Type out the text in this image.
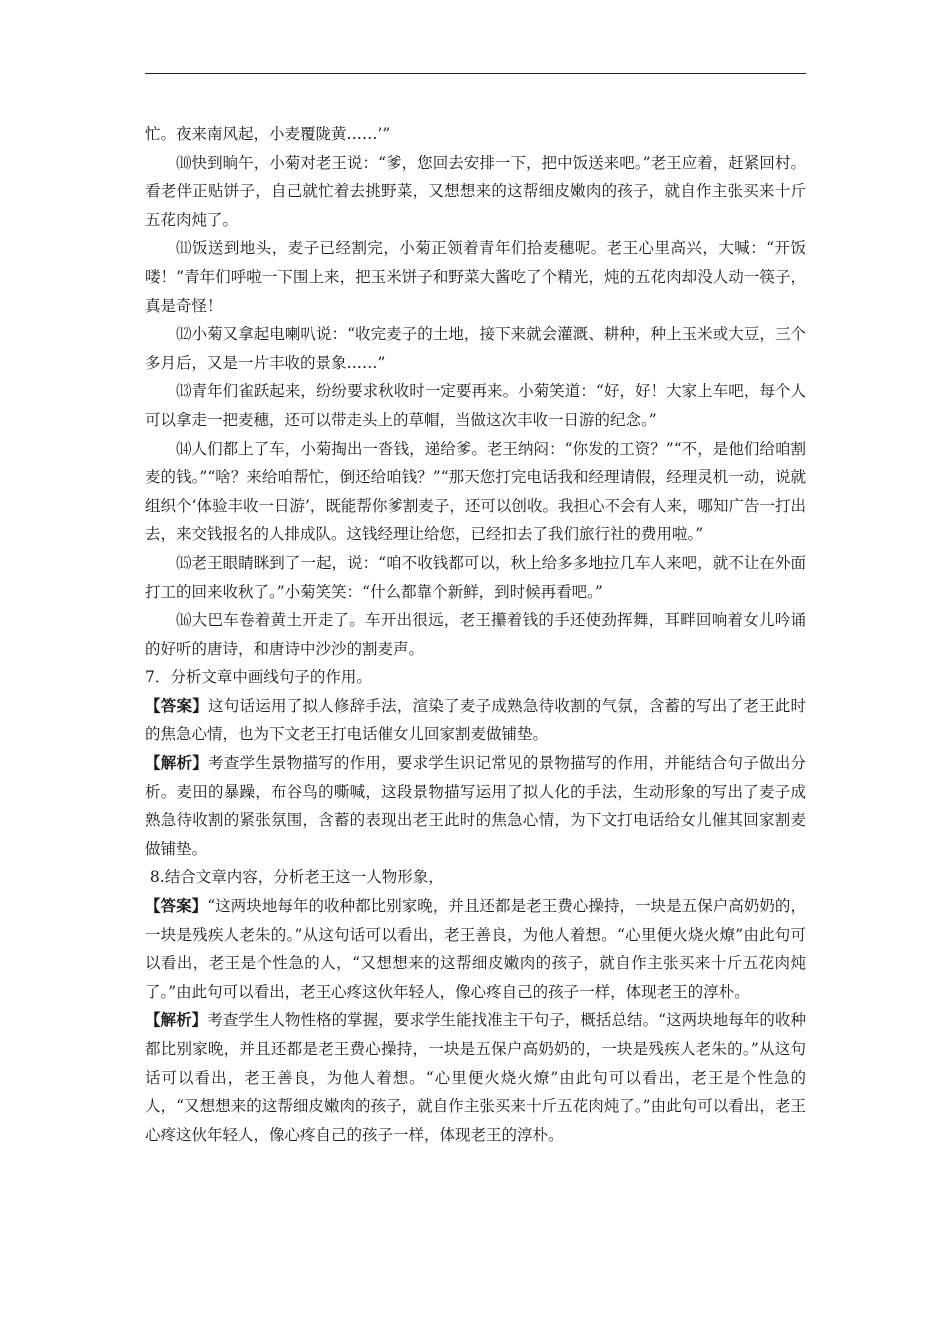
忙。夜来南风起，小麦覆陇黄……’”

⑽快到晌午，小菊对老王说：“爹，您回去安排一下，把中饭送来吧。”老王应着，赶紧回村。看老伴正贴饼子，自己就忙着去挑野菜，又想想来的这帮细皮嫩肉的孩子，就自作主张买来十斤五花肉炖了。

⑾饭送到地头，麦子已经割完，小菊正领着青年们拾麦穗呢。老王心里高兴，大喊：“开饭喽！”青年们呼啦一下围上来，把玉米饼子和野菜大酱吃了个精光，炖的五花肉却没人动一筷子，真是奇怪！

⑿小菊又拿起电喇叭说：“收完麦子的土地，接下来就会灌溉、耕种，种上玉米或大豆，三个多月后，又是一片丰收的景象……”

⒀青年们雀跃起来，纷纷要求秋收时一定要再来。小菊笑道：“好，好！大家上车吧，每个人可以拿走一把麦穗，还可以带走头上的草帽，当做这次丰收一日游的纪念。”

⒁人们都上了车，小菊掏出一沓钱，递给爹。老王纳闷：“你发的工资？”“不，是他们给咱割麦的钱。”“啥？来给咱帮忙，倒还给咱钱？”“那天您打完电话我和经理请假，经理灵机一动，说就组织个‘体验丰收一日游’，既能帮你爹割麦子，还可以创收。我担心不会有人来，哪知广告一打出去，来交钱报名的人排成队。这钱经理让给您，已经扣去了我们旅行社的费用啦。”

⒂老王眼睛眯到了一起，说：“咱不收钱都可以，秋上给多多地拉几车人来吧，就不让在外面打工的回来收秋了。”小菊笑笑：“什么都靠个新鲜，到时候再看吧。”

⒃大巴车卷着黄土开走了。车开出很远，老王攥着钱的手还使劲挥舞，耳畔回响着女儿吟诵的好听的唐诗，和唐诗中沙沙的割麦声。

7．分析文章中画线句子的作用。

【答案】这句话运用了拟人修辞手法，渲染了麦子成熟急待收割的气氛，含蓄的写出了老王此时的焦急心情，也为下文老王打电话催女儿回家割麦做铺垫。

【解析】考查学生景物描写的作用，要求学生识记常见的景物描写的作用，并能结合句子做出分析。麦田的暴躁，布谷鸟的嘶喊，这段景物描写运用了拟人化的手法，生动形象的写出了麦子成熟急待收割的紧张氛围，含蓄的表现出老王此时的焦急心情，为下文打电话给女儿催其回家割麦做铺垫。

8.结合文章内容，分析老王这一人物形象，

【答案】“这两块地每年的收种都比别家晚，并且还都是老王费心操持，一块是五保户高奶奶的，一块是残疾人老朱的。”从这句话可以看出，老王善良，为他人着想。“心里便火烧火燎”由此句可以看出，老王是个性急的人，“又想想来的这帮细皮嫩肉的孩子，就自作主张买来十斤五花肉炖了。”由此句可以看出，老王心疼这伙年轻人，像心疼自己的孩子一样，体现老王的淳朴。

【解析】考查学生人物性格的掌握，要求学生能找准主干句子，概括总结。“这两块地每年的收种都比别家晚，并且还都是老王费心操持，一块是五保户高奶奶的，一块是残疾人老朱的。”从这句话可以看出，老王善良，为他人着想。“心里便火烧火燎”由此句可以看出，老王是个性急的人，“又想想来的这帮细皮嫩肉的孩子，就自作主张买来十斤五花肉炖了。”由此句可以看出，老王心疼这伙年轻人，像心疼自己的孩子一样，体现老王的淳朴。
